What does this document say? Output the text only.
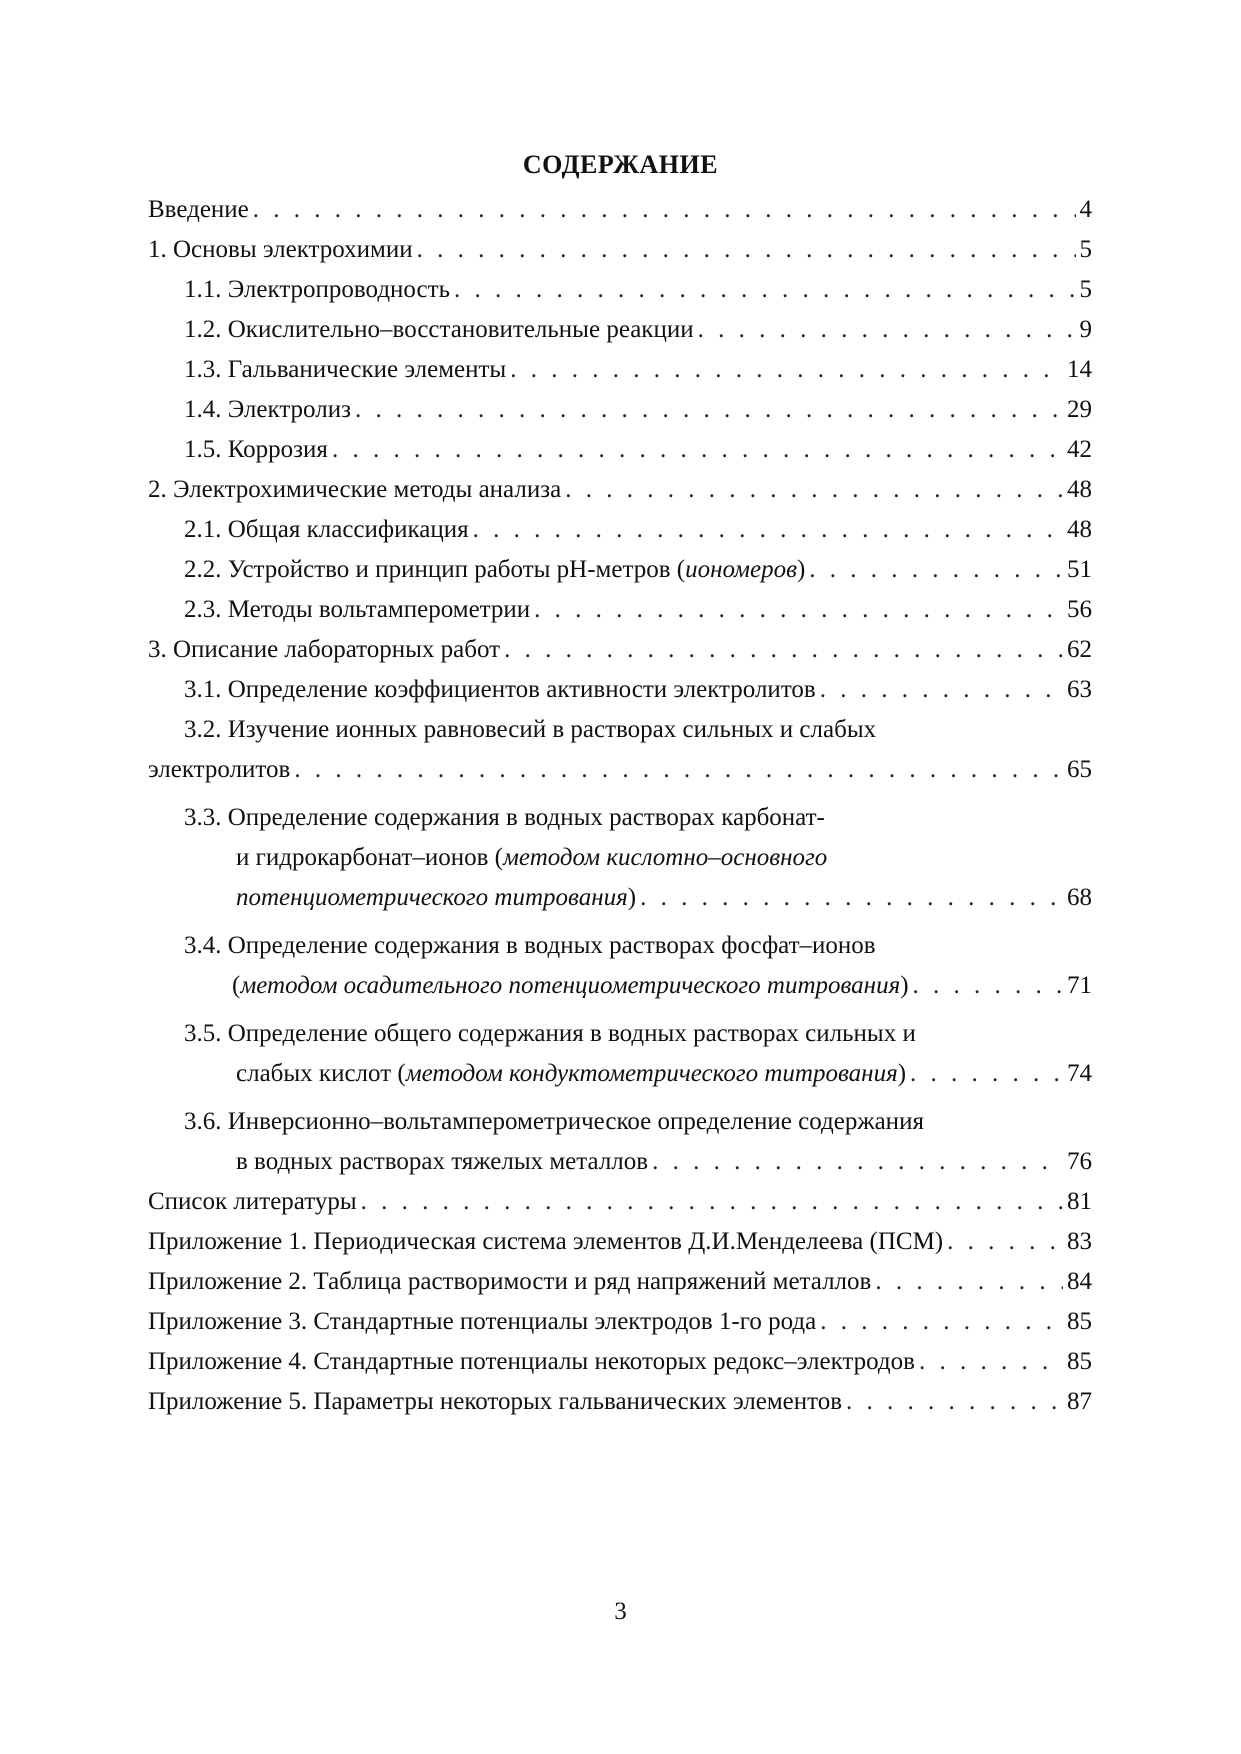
СОДЕРЖАНИЕ
Введение . . .	4
1. Основы электрохимии . . .	5
1.1. Электропроводность . . .	5
1.2. Окислительно–восстановительные реакции . . .	9
1.3. Гальванические элементы . . .	14
1.4. Электролиз . . .	29
1.5. Коррозия . . .	42
2. Электрохимические методы анализа . . .	48
2.1. Общая классификация . . .	48
2.2. Устройство и принцип работы pH-метров (иономеров) . . .	51
2.3. Методы вольтамперометрии . . .	56
3. Описание лабораторных работ . . .	62
3.1. Определение коэффициентов активности электролитов . . .	63
3.2. Изучение ионных равновесий в растворах сильных и слабых
электролитов . . .	65
3.3. Определение содержания в водных растворах карбонат-
и гидрокарбонат–ионов (методом кислотно–основного
потенциометрического титрования) . . .	68
3.4. Определение содержания в водных растворах фосфат–ионов
(методом осадительного потенциометрического титрования) . . .	71
3.5. Определение общего содержания в водных растворах сильных и
слабых кислот (методом кондуктометрического титрования) . . .	74
3.6. Инверсионно–вольтамперометрическое определение содержания
в водных растворах тяжелых металлов . . .	76
Список литературы . . .	81
Приложение 1. Периодическая система элементов Д.И.Менделеева (ПСМ) . . .	83
Приложение 2. Таблица растворимости и ряд напряжений металлов . . .	84
Приложение 3. Стандартные потенциалы электродов 1-го рода . . .	85
Приложение 4. Стандартные потенциалы некоторых редокс–электродов . . .	85
Приложение 5. Параметры некоторых гальванических элементов . . .	87
3
